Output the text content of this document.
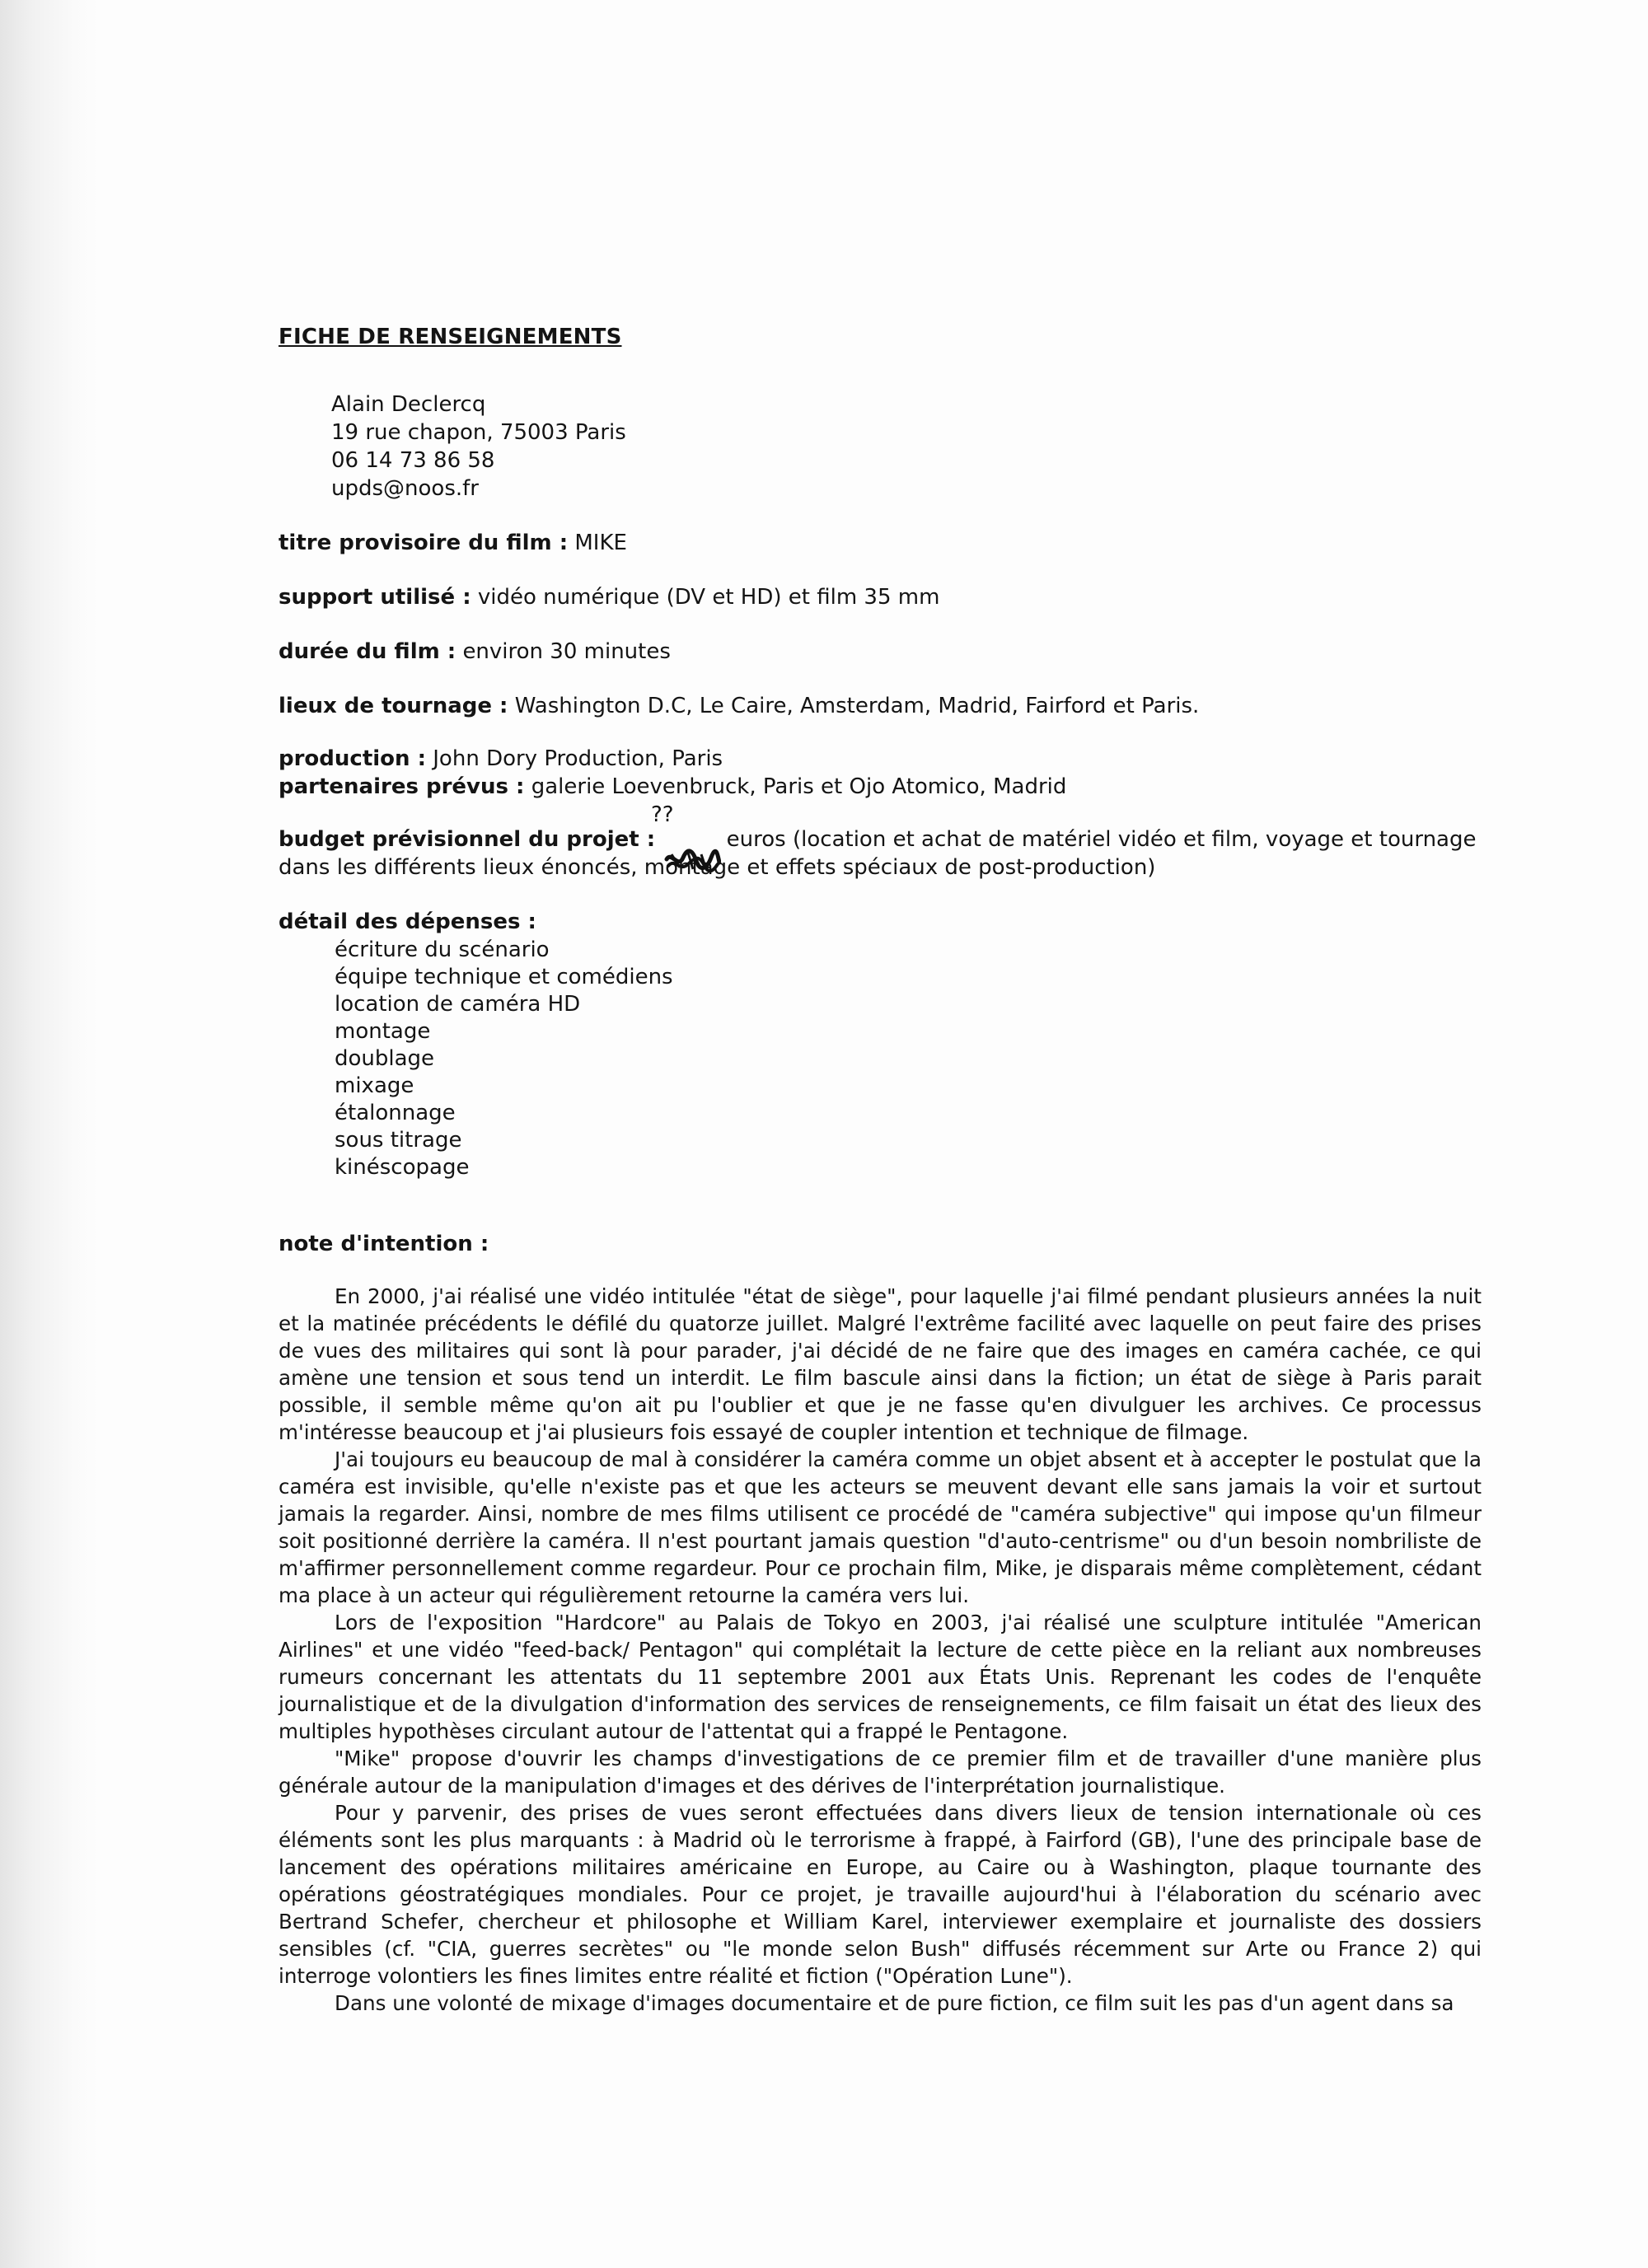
FICHE DE RENSEIGNEMENTS
Alain Declercq
19 rue chapon, 75003 Paris
06 14 73 86 58
upds@noos.fr
titre provisoire du film : MIKE
support utilisé : vidéo numérique (DV et HD) et film 35 mm
durée du film : environ 30 minutes
lieux de tournage : Washington D.C, Le Caire, Amsterdam, Madrid, Fairford et Paris.
production : John Dory Production, Paris
partenaires prévus : galerie Loevenbruck, Paris et Ojo Atomico, Madrid
??
budget prévisionnel du projet :	euros (location et achat de matériel vidéo et film, voyage et tournage dans les différents lieux énoncés, montage et effets spéciaux de post-production)
détail des dépenses :
écriture du scénario
équipe technique et comédiens
location de caméra HD
montage
doublage
mixage
étalonnage
sous titrage
kinéscopage
note d'intention :

En 2000, j'ai réalisé une vidéo intitulée "état de siège", pour laquelle j'ai filmé pendant plusieurs années la nuit et la matinée précédents le défilé du quatorze juillet. Malgré l'extrême facilité avec laquelle on peut faire des prises de vues des militaires qui sont là pour parader, j'ai décidé de ne faire que des images en caméra cachée, ce qui amène une tension et sous tend un interdit. Le film bascule ainsi dans la fiction; un état de siège à Paris parait possible, il semble même qu'on ait pu l'oublier et que je ne fasse qu'en divulguer les archives. Ce processus m'intéresse beaucoup et j'ai plusieurs fois essayé de coupler intention et technique de filmage.

J'ai toujours eu beaucoup de mal à considérer la caméra comme un objet absent et à accepter le postulat que la caméra est invisible, qu'elle n'existe pas et que les acteurs se meuvent devant elle sans jamais la voir et surtout jamais la regarder. Ainsi, nombre de mes films utilisent ce procédé de "caméra subjective" qui impose qu'un filmeur soit positionné derrière la caméra. Il n'est pourtant jamais question "d'auto-centrisme" ou d'un besoin nombriliste de m'affirmer personnellement comme regardeur. Pour ce prochain film, Mike, je disparais même complètement, cédant ma place à un acteur qui régulièrement retourne la caméra vers lui.

Lors de l'exposition "Hardcore" au Palais de Tokyo en 2003, j'ai réalisé une sculpture intitulée "American Airlines" et une vidéo "feed-back/ Pentagon" qui complétait la lecture de cette pièce en la reliant aux nombreuses rumeurs concernant les attentats du 11 septembre 2001 aux États Unis. Reprenant les codes de l'enquête journalistique et de la divulgation d'information des services de renseignements, ce film faisait un état des lieux des multiples hypothèses circulant autour de l'attentat qui a frappé le Pentagone.

"Mike" propose d'ouvrir les champs d'investigations de ce premier film et de travailler d'une manière plus générale autour de la manipulation d'images et des dérives de l'interprétation journalistique.

Pour y parvenir, des prises de vues seront effectuées dans divers lieux de tension internationale où ces éléments sont les plus marquants : à Madrid où le terrorisme à frappé, à Fairford (GB), l'une des principale base de lancement des opérations militaires américaine en Europe, au Caire ou à Washington, plaque tournante des opérations géostratégiques mondiales. Pour ce projet, je travaille aujourd'hui à l'élaboration du scénario avec Bertrand Schefer, chercheur et philosophe et William Karel, interviewer exemplaire et journaliste des dossiers sensibles (cf. "CIA, guerres secrètes" ou "le monde selon Bush" diffusés récemment sur Arte ou France 2) qui interroge volontiers les fines limites entre réalité et fiction ("Opération Lune").

Dans une volonté de mixage d'images documentaire et de pure fiction, ce film suit les pas d'un agent dans sa
